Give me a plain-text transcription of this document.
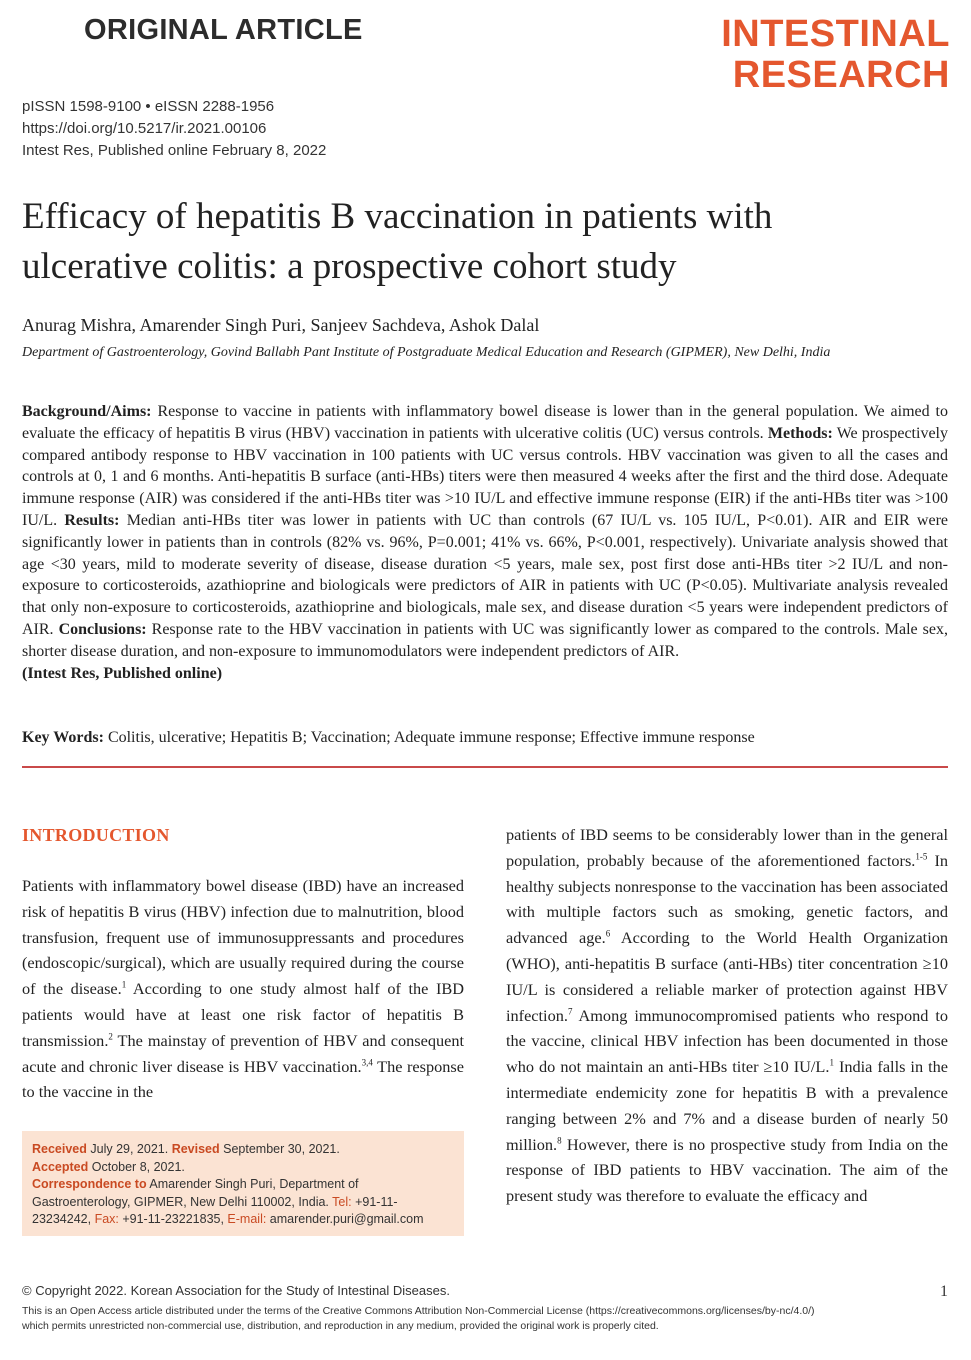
ORIGINAL ARTICLE	INTESTINAL
RESEARCH
pISSN 1598-9100 • eISSN 2288-1956
https://doi.org/10.5217/ir.2021.00106
Intest Res, Published online February 8, 2022
Efficacy of hepatitis B vaccination in patients with
ulcerative colitis: a prospective cohort study
Anurag Mishra, Amarender Singh Puri, Sanjeev Sachdeva, Ashok Dalal
Department of Gastroenterology, Govind Ballabh Pant Institute of Postgraduate Medical Education and Research (GIPMER), New Delhi, India
Background/Aims: Response to vaccine in patients with inflammatory bowel disease is lower than in the general population. We aimed to evaluate the efficacy of hepatitis B virus (HBV) vaccination in patients with ulcerative colitis (UC) versus controls. Methods: We prospectively compared antibody response to HBV vaccination in 100 patients with UC versus controls. HBV vaccination was given to all the cases and controls at 0, 1 and 6 months. Anti-hepatitis B surface (anti-HBs) titers were then measured 4 weeks after the first and the third dose. Adequate immune response (AIR) was considered if the anti-HBs titer was >10 IU/L and effective immune response (EIR) if the anti-HBs titer was >100 IU/L. Results: Median anti-HBs titer was lower in patients with UC than controls (67 IU/L vs. 105 IU/L, P<0.01). AIR and EIR were significantly lower in patients than in controls (82% vs. 96%, P=0.001; 41% vs. 66%, P<0.001, respectively). Univariate analysis showed that age <30 years, mild to moderate severity of disease, disease duration <5 years, male sex, post first dose anti-HBs titer >2 IU/L and non-exposure to corticosteroids, azathioprine and biologicals were predictors of AIR in patients with UC (P<0.05). Multivariate analysis revealed that only non-exposure to corticosteroids, azathioprine and biologicals, male sex, and disease duration <5 years were independent predictors of AIR. Conclusions: Response rate to the HBV vaccination in patients with UC was significantly lower as compared to the controls. Male sex, shorter disease duration, and non-exposure to immunomodulators were independent predictors of AIR.
(Intest Res, Published online)
Key Words: Colitis, ulcerative; Hepatitis B; Vaccination; Adequate immune response; Effective immune response
INTRODUCTION
Patients with inflammatory bowel disease (IBD) have an increased risk of hepatitis B virus (HBV) infection due to malnutrition, blood transfusion, frequent use of immunosuppressants and procedures (endoscopic/surgical), which are usually required during the course of the disease.$^1$ According to one study almost half of the IBD patients would have at least one risk factor of hepatitis B transmission.$^2$ The mainstay of prevention of HBV and consequent acute and chronic liver disease is HBV vaccination.$^{3,4}$ The response to the vaccine in the
Received July 29, 2021. Revised September 30, 2021.
Accepted October 8, 2021.
Correspondence to Amarender Singh Puri, Department of Gastroenterology, GIPMER, New Delhi 110002, India. Tel: +91-11-23234242, Fax: +91-11-23221835, E-mail: amarender.puri@gmail.com
patients of IBD seems to be considerably lower than in the general population, probably because of the aforementioned factors.$^{1-5}$ In healthy subjects nonresponse to the vaccination has been associated with multiple factors such as smoking, genetic factors, and advanced age.$^6$ According to the World Health Organization (WHO), anti-hepatitis B surface (anti-HBs) titer concentration ≥10 IU/L is considered a reliable marker of protection against HBV infection.$^7$ Among immunocompromised patients who respond to the vaccine, clinical HBV infection has been documented in those who do not maintain an anti-HBs titer ≥10 IU/L.$^1$ India falls in the intermediate endemicity zone for hepatitis B with a prevalence ranging between 2% and 7% and a disease burden of nearly 50 million.$^8$ However, there is no prospective study from India on the response of IBD patients to HBV vaccination. The aim of the present study was therefore to evaluate the efficacy and
© Copyright 2022. Korean Association for the Study of Intestinal Diseases.
This is an Open Access article distributed under the terms of the Creative Commons Attribution Non-Commercial License (https://creativecommons.org/licenses/by-nc/4.0/)
which permits unrestricted non-commercial use, distribution, and reproduction in any medium, provided the original work is properly cited.
1
